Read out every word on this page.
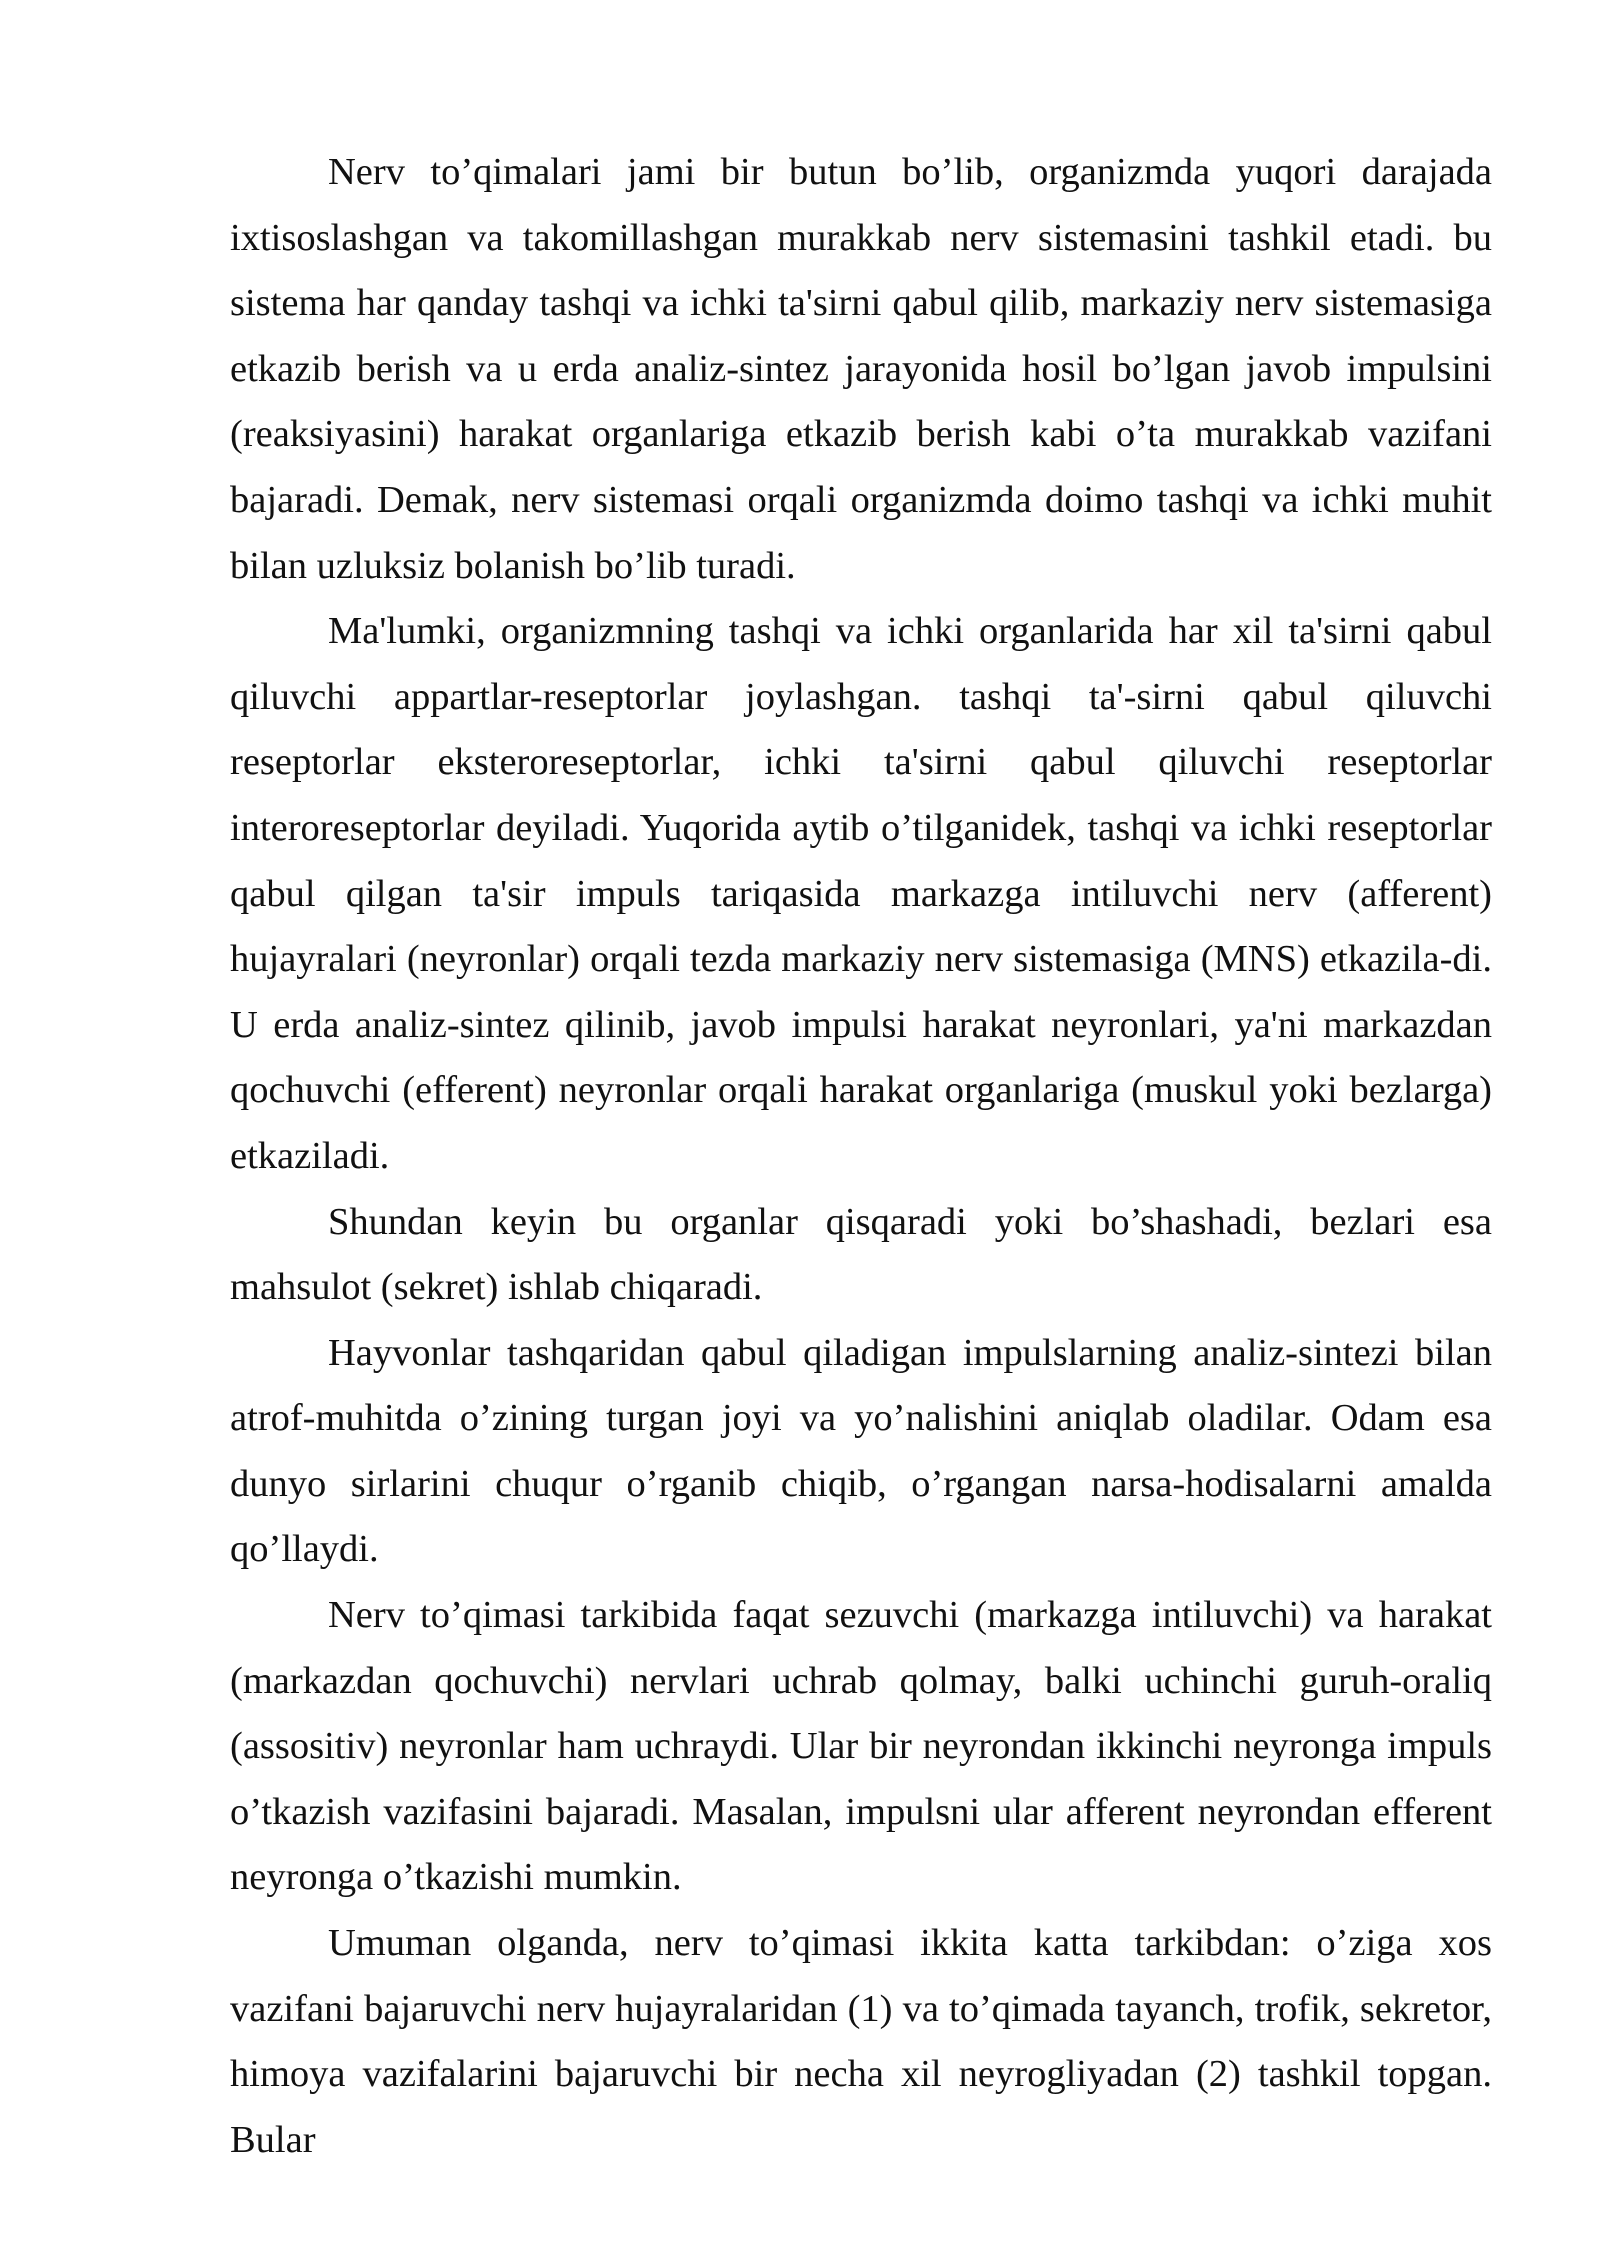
Nerv to’qimalari jami bir butun bo’lib, organizmda yuqori darajada ixtisoslashgan va takomillashgan murakkab nerv sistemasini tashkil etadi. bu sistema har qanday tashqi va ichki ta'sirni qabul qilib, markaziy nerv sistemasiga etkazib berish va u erda analiz-sintez jarayonida hosil bo’lgan javob impulsini (reaksiyasini) harakat organlariga etkazib berish kabi o’ta murakkab vazifani bajaradi. Demak, nerv sistemasi orqali organizmda doimo tashqi va ichki muhit bilan uzluksiz bolanish bo’lib turadi.

Ma'lumki, organizmning tashqi va ichki organlarida har xil ta'sirni qabul qiluvchi appartlar-reseptorlar joylashgan. tashqi ta'-sirni qabul qiluvchi reseptorlar eksteroreseptorlar, ichki ta'sirni qabul qiluvchi reseptorlar interoreseptorlar deyiladi. Yuqorida aytib o’tilganidek, tashqi va ichki reseptorlar qabul qilgan ta'sir impuls tariqasida markazga intiluvchi nerv (afferent) hujayralari (neyronlar) orqali tezda markaziy nerv sistemasiga (MNS) etkazila-di. U erda analiz-sintez qilinib, javob impulsi harakat neyronlari, ya'ni markazdan qochuvchi (efferent) neyronlar orqali harakat organlariga (muskul yoki bezlarga) etkaziladi.

Shundan keyin bu organlar qisqaradi yoki bo’shashadi, bezlari esa mahsulot (sekret) ishlab chiqaradi.

Hayvonlar tashqaridan qabul qiladigan impulslarning analiz-sintezi bilan atrof-muhitda o’zining turgan joyi va yo’nalishini aniqlab oladilar. Odam esa dunyo sirlarini chuqur o’rganib chiqib, o’rgangan narsa-hodisalarni amalda qo’llaydi.

Nerv to’qimasi tarkibida faqat sezuvchi (markazga intiluvchi) va harakat (markazdan qochuvchi) nervlari uchrab qolmay, balki uchinchi guruh-oraliq (assositiv) neyronlar ham uchraydi. Ular bir neyrondan ikkinchi neyronga impuls o’tkazish vazifasini bajaradi. Masalan, impulsni ular afferent neyrondan efferent neyronga o’tkazishi mumkin.

Umuman olganda, nerv to’qimasi ikkita katta tarkibdan: o’ziga xos vazifani bajaruvchi nerv hujayralaridan (1) va to’qimada tayanch, trofik, sekretor, himoya vazifalarini bajaruvchi bir necha xil neyrogliyadan (2) tashkil topgan. Bular
